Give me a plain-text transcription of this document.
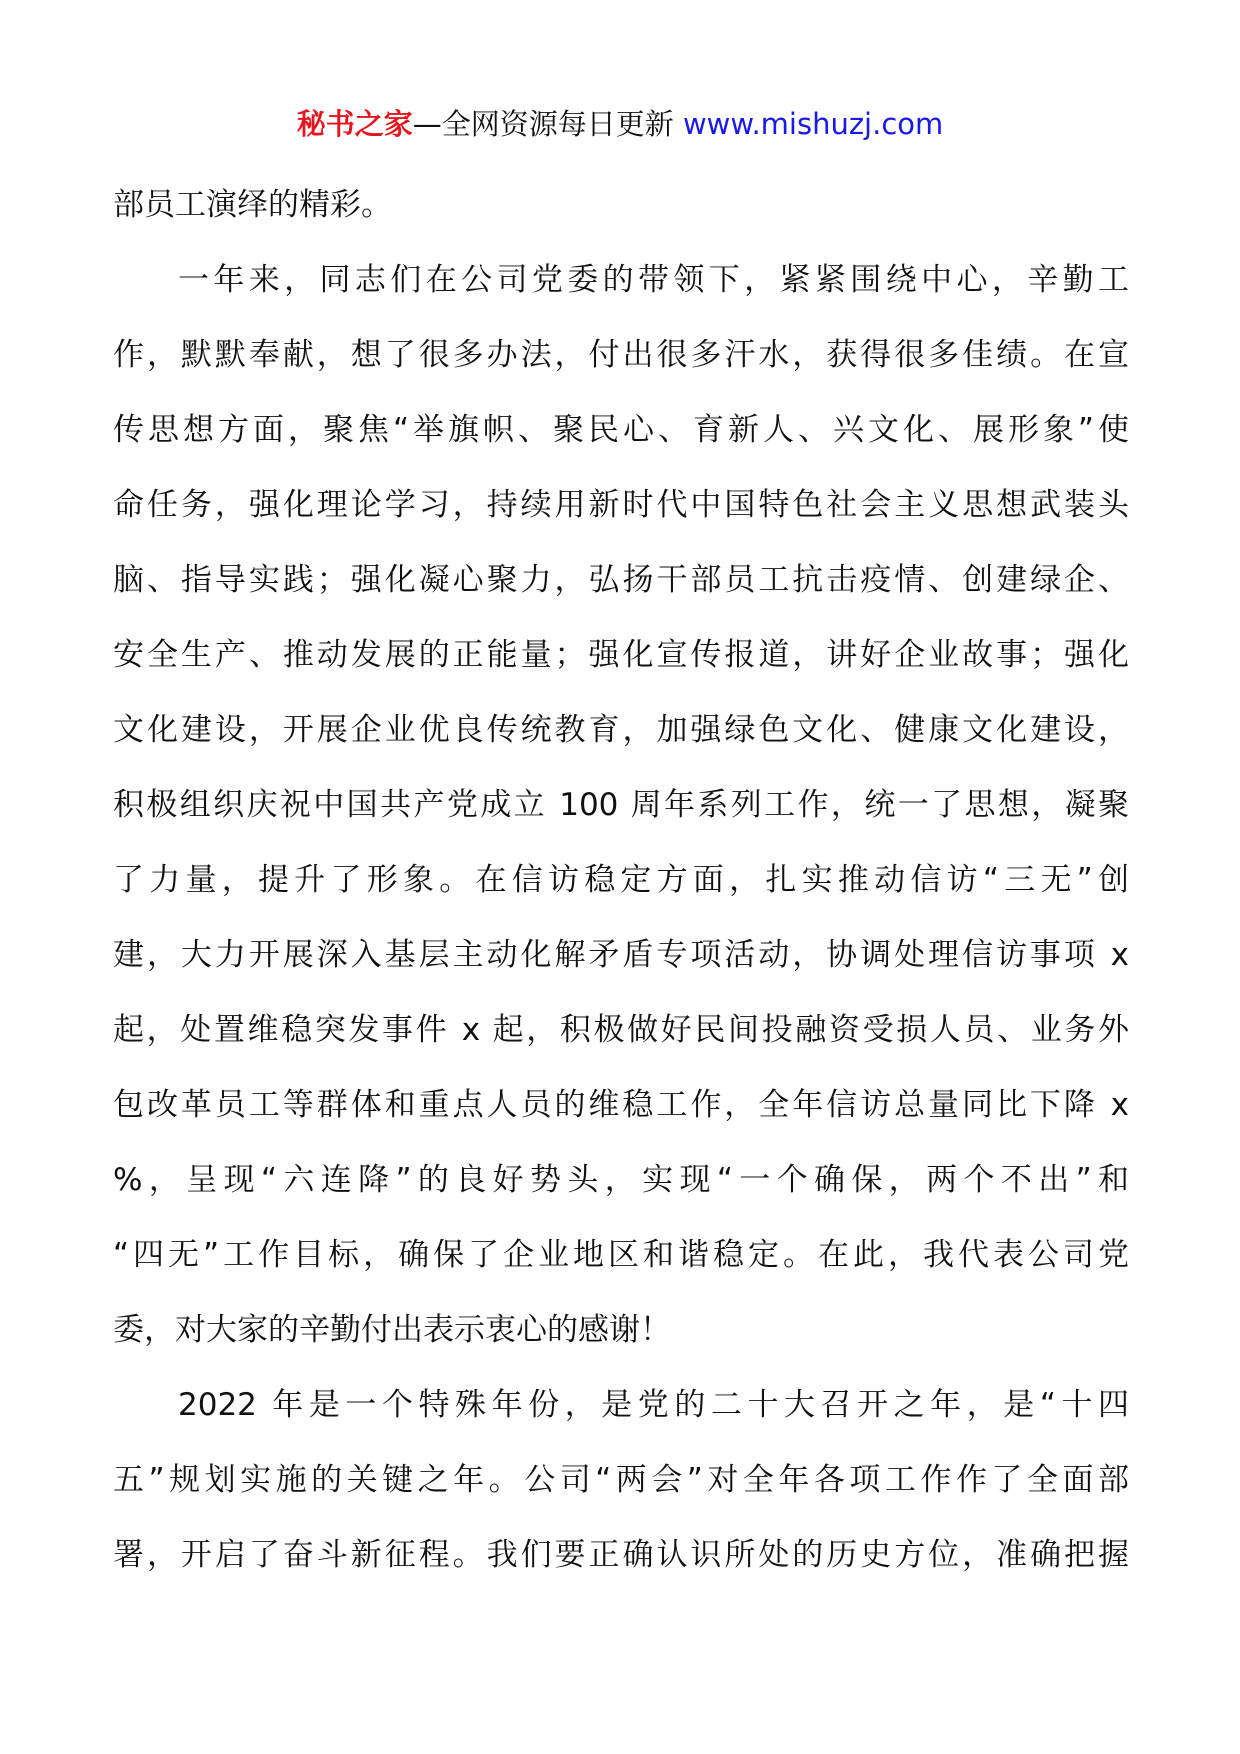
秘书之家—全网资源每日更新 www.mishuzj.com
部员工演绎的精彩。
一年来，同志们在公司党委的带领下，紧紧围绕中心，辛勤工
作，默默奉献，想了很多办法，付出很多汗水，获得很多佳绩。在宣
传思想方面，聚焦“举旗帜、聚民心、育新人、兴文化、展形象”使
命任务，强化理论学习，持续用新时代中国特色社会主义思想武装头
脑、指导实践；强化凝心聚力，弘扬干部员工抗击疫情、创建绿企、
安全生产、推动发展的正能量；强化宣传报道，讲好企业故事；强化
文化建设，开展企业优良传统教育，加强绿色文化、健康文化建设，
积极组织庆祝中国共产党成立 100 周年系列工作，统一了思想，凝聚
了力量，提升了形象。在信访稳定方面，扎实推动信访“三无”创
建，大力开展深入基层主动化解矛盾专项活动，协调处理信访事项 x
起，处置维稳突发事件 x 起，积极做好民间投融资受损人员、业务外
包改革员工等群体和重点人员的维稳工作，全年信访总量同比下降 x
%，呈现“六连降”的良好势头，实现“一个确保，两个不出”和
“四无”工作目标，确保了企业地区和谐稳定。在此，我代表公司党
委，对大家的辛勤付出表示衷心的感谢！
2022 年是一个特殊年份，是党的二十大召开之年，是“十四
五”规划实施的关键之年。公司“两会”对全年各项工作作了全面部
署，开启了奋斗新征程。我们要正确认识所处的历史方位，准确把握
